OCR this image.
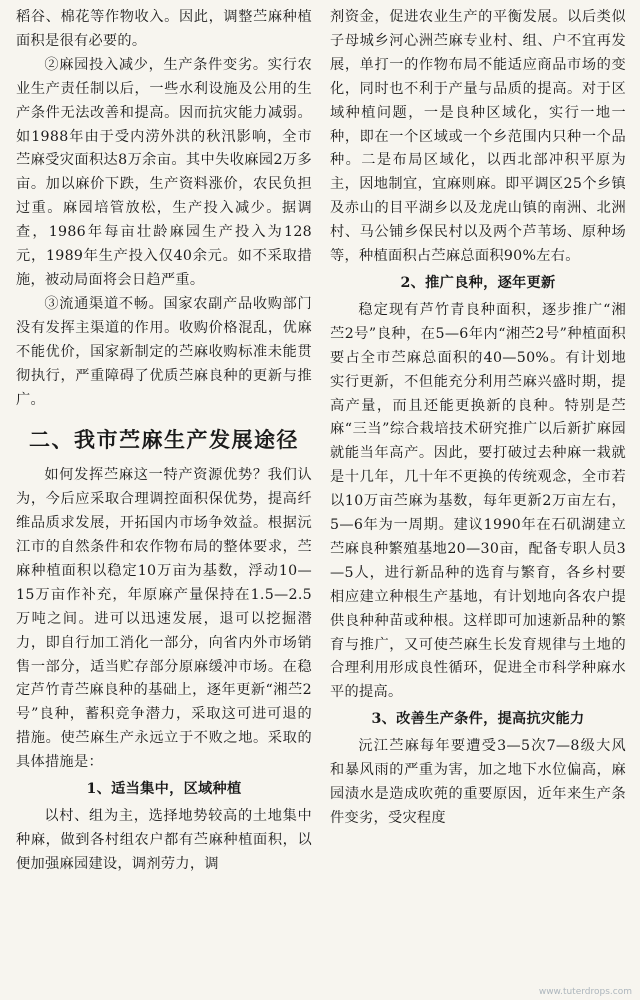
稻谷、棉花等作物收入。因此，调整苎麻种植面积是很有必要的。

②麻园投入减少，生产条件变劣。实行农业生产责任制以后，一些水利设施及公用的生产条件无法改善和提高。因而抗灾能力减弱。如1988年由于受内涝外洪的秋汛影响，全市苎麻受灾面积达8万余亩。其中失收麻园2万多亩。加以麻价下跌，生产资料涨价，农民负担过重。麻园培管放松，生产投入减少。据调查，1986年每亩壮龄麻园生产投入为128元，1989年生产投入仅40余元。如不采取措施，被动局面将会日趋严重。

③流通渠道不畅。国家农副产品收购部门没有发挥主渠道的作用。收购价格混乱，优麻不能优价，国家新制定的苎麻收购标准未能贯彻执行，严重障碍了优质苎麻良种的更新与推广。

二、我市苎麻生产发展途径

如何发挥苎麻这一特产资源优势？我们认为，今后应采取合理调控面积保优势，提高纤维品质求发展，开拓国内市场争效益。根据沅江市的自然条件和农作物布局的整体要求，苎麻种植面积以稳定10万亩为基数，浮动10—15万亩作补充，年原麻产量保持在1.5—2.5万吨之间。进可以迅速发展，退可以挖掘潜力，即自行加工消化一部分，向省内外市场销售一部分，适当贮存部分原麻缓冲市场。在稳定芦竹青苎麻良种的基础上，逐年更新“湘苎2号”良种，蓄积竞争潜力，采取这可进可退的措施。使苎麻生产永远立于不败之地。采取的具体措施是：

1、适当集中，区域种植

以村、组为主，选择地势较高的土地集中种麻，做到各村组农户都有苎麻种植面积，以便加强麻园建设，调剂劳力，调

剂资金，促进农业生产的平衡发展。以后类似子母城乡河心洲苎麻专业村、组、户不宜再发展，单打一的作物布局不能适应商品市场的变化，同时也不利于产量与品质的提高。对于区域种植问题，一是良种区域化，实行一地一种，即在一个区域或一个乡范围内只种一个品种。二是布局区域化，以西北部冲积平原为主，因地制宜，宜麻则麻。即平调区25个乡镇及赤山的目平湖乡以及龙虎山镇的南洲、北洲村、马公铺乡保民村以及两个芦苇场、原种场等，种植面积占苎麻总面积90%左右。

2、推广良种，逐年更新

稳定现有芦竹青良种面积，逐步推广“湘苎2号”良种，在5—6年内“湘苎2号”种植面积要占全市苎麻总面积的40—50%。有计划地实行更新，不但能充分利用苎麻兴盛时期，提高产量，而且还能更换新的良种。特别是苎麻“三当”综合栽培技术研究推广以后新扩麻园就能当年高产。因此，要打破过去种麻一栽就是十几年，几十年不更换的传统观念，全市若以10万亩苎麻为基数，每年更新2万亩左右，5—6年为一周期。建议1990年在石矶湖建立苎麻良种繁殖基地20—30亩，配备专职人员3—5人，进行新品种的选育与繁育，各乡村要相应建立种根生产基地，有计划地向各农户提供良种种苗或种根。这样即可加速新品种的繁育与推广，又可使苎麻生长发育规律与土地的合理利用形成良性循环，促进全市科学种麻水平的提高。

3、改善生产条件，提高抗灾能力

沅江苎麻每年要遭受3—5次7—8级大风和暴风雨的严重为害，加之地下水位偏高，麻园渍水是造成吹蔸的重要原因，近年来生产条件变劣，受灾程度

www.tuterdrops.com
